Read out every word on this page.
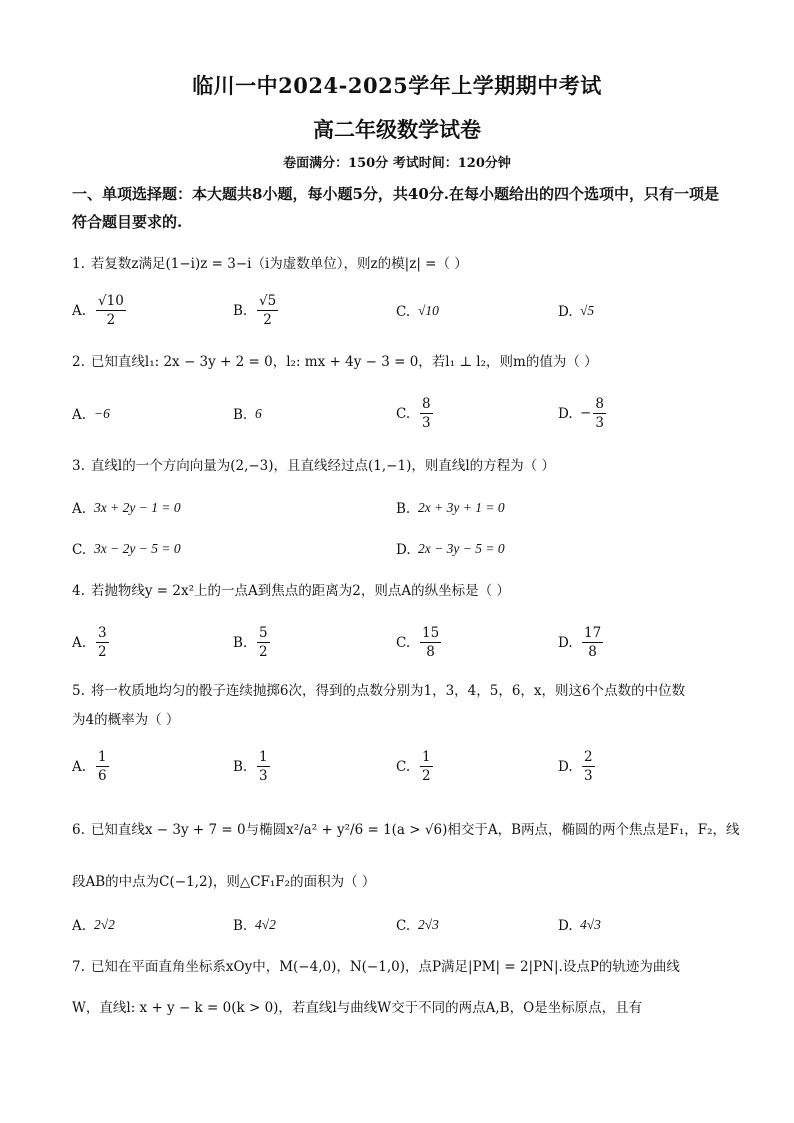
临川一中2024-2025学年上学期期中考试
高二年级数学试卷
卷面满分：150分 考试时间：120分钟
一、单项选择题：本大题共8小题，每小题5分，共40分.在每小题给出的四个选项中，只有一项是符合题目要求的.
1. 若复数z满足(1−i)z = 3−i（i为虚数单位），则z的模|z| =（ ）
A. $\frac{√10}{2}$	B. $\frac{√5}{2}$	C. √10	D. √5
2. 已知直线l₁: 2x − 3y + 2 = 0，l₂: mx + 4y − 3 = 0，若l₁ ⊥ l₂，则m的值为（ ）
A. −6	B. 6	C. $\frac{8}{3}$	D. − $\frac{8}{3}$
3. 直线l的一个方向向量为(2,−3)，且直线经过点(1,−1)，则直线l的方程为（ ）
A. 3x + 2y − 1 = 0	B. 2x + 3y + 1 = 0
C. 3x − 2y − 5 = 0	D. 2x − 3y − 5 = 0
4. 若抛物线y = 2x²上的一点A到焦点的距离为2，则点A的纵坐标是（ ）
A. $\frac{3}{2}$	B. $\frac{5}{2}$	C. $\frac{15}{8}$	D. $\frac{17}{8}$
5. 将一枚质地均匀的骰子连续抛掷6次，得到的点数分别为1，3，4，5，6，x，则这6个点数的中位数
为4的概率为（ ）
A. $\frac{1}{6}$	B. $\frac{1}{3}$	C. $\frac{1}{2}$	D. $\frac{2}{3}$
6. 已知直线x − 3y + 7 = 0与椭圆x²/a² + y²/6 = 1(a > √6)相交于A，B两点，椭圆的两个焦点是F₁，F₂，线
段AB的中点为C(−1,2)，则△CF₁F₂的面积为（ ）
A. 2√2	B. 4√2	C. 2√3	D. 4√3
7. 已知在平面直角坐标系xOy中，M(−4,0)，N(−1,0)，点P满足|PM| = 2|PN|.设点P的轨迹为曲线
W，直线l: x + y − k = 0(k > 0)，若直线l与曲线W交于不同的两点A,B，O是坐标原点，且有
